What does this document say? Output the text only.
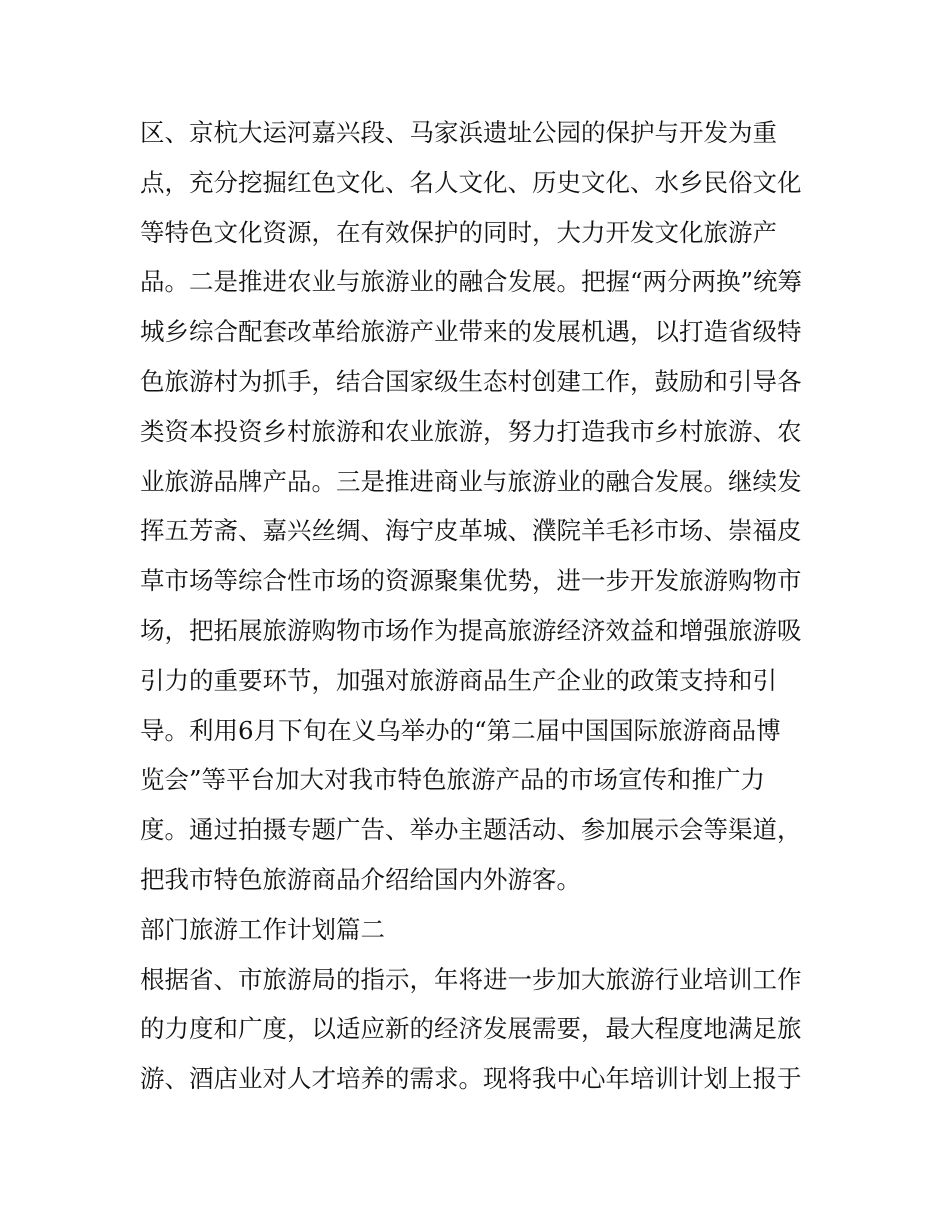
区、京杭大运河嘉兴段、马家浜遗址公园的保护与开发为重
点，充分挖掘红色文化、名人文化、历史文化、水乡民俗文化
等特色文化资源，在有效保护的同时，大力开发文化旅游产
品。二是推进农业与旅游业的融合发展。把握“两分两换”统筹
城乡综合配套改革给旅游产业带来的发展机遇，以打造省级特
色旅游村为抓手，结合国家级生态村创建工作，鼓励和引导各
类资本投资乡村旅游和农业旅游，努力打造我市乡村旅游、农
业旅游品牌产品。三是推进商业与旅游业的融合发展。继续发
挥五芳斋、嘉兴丝绸、海宁皮革城、濮院羊毛衫市场、崇福皮
草市场等综合性市场的资源聚集优势，进一步开发旅游购物市
场，把拓展旅游购物市场作为提高旅游经济效益和增强旅游吸
引力的重要环节，加强对旅游商品生产企业的政策支持和引
导。利用6月下旬在义乌举办的“第二届中国国际旅游商品博
览会”等平台加大对我市特色旅游产品的市场宣传和推广力
度。通过拍摄专题广告、举办主题活动、参加展示会等渠道，
把我市特色旅游商品介绍给国内外游客。
部门旅游工作计划篇二
根据省、市旅游局的指示，年将进一步加大旅游行业培训工作
的力度和广度，以适应新的经济发展需要，最大程度地满足旅
游、酒店业对人才培养的需求。现将我中心年培训计划上报于
